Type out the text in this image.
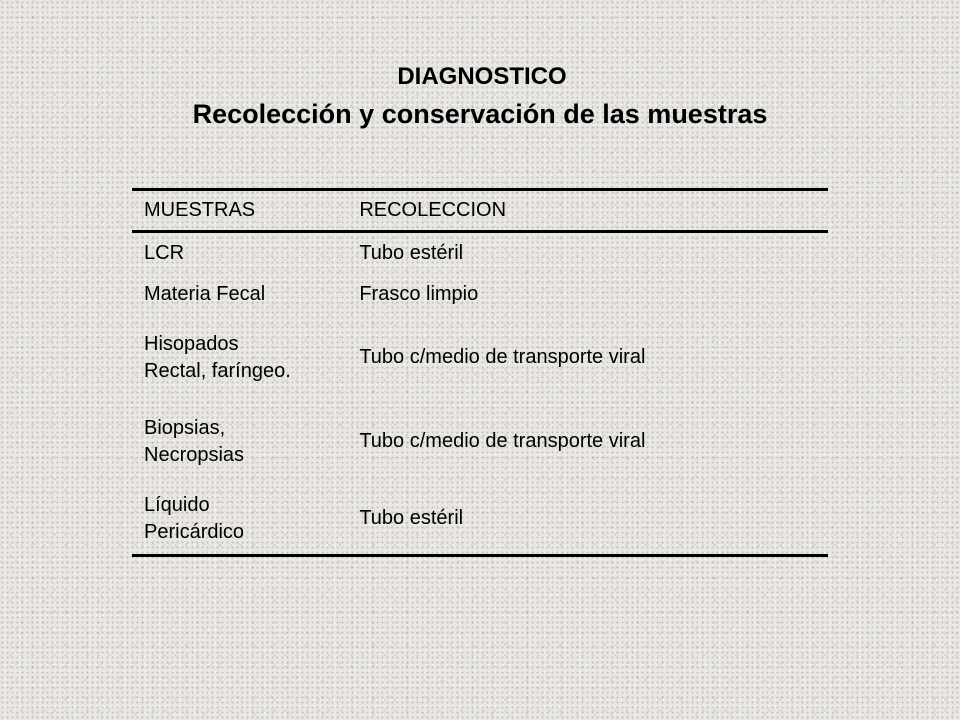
DIAGNOSTICO
Recolección y conservación de las muestras
MUESTRAS	RECOLECCION

LCR	Tubo estéril

Materia Fecal	Frasco limpio

Hisopados
Rectal, faríngeo.	Tubo c/medio de transporte viral

Biopsias,
Necropsias	Tubo c/medio de transporte viral

Líquido
Pericárdico	Tubo estéril
